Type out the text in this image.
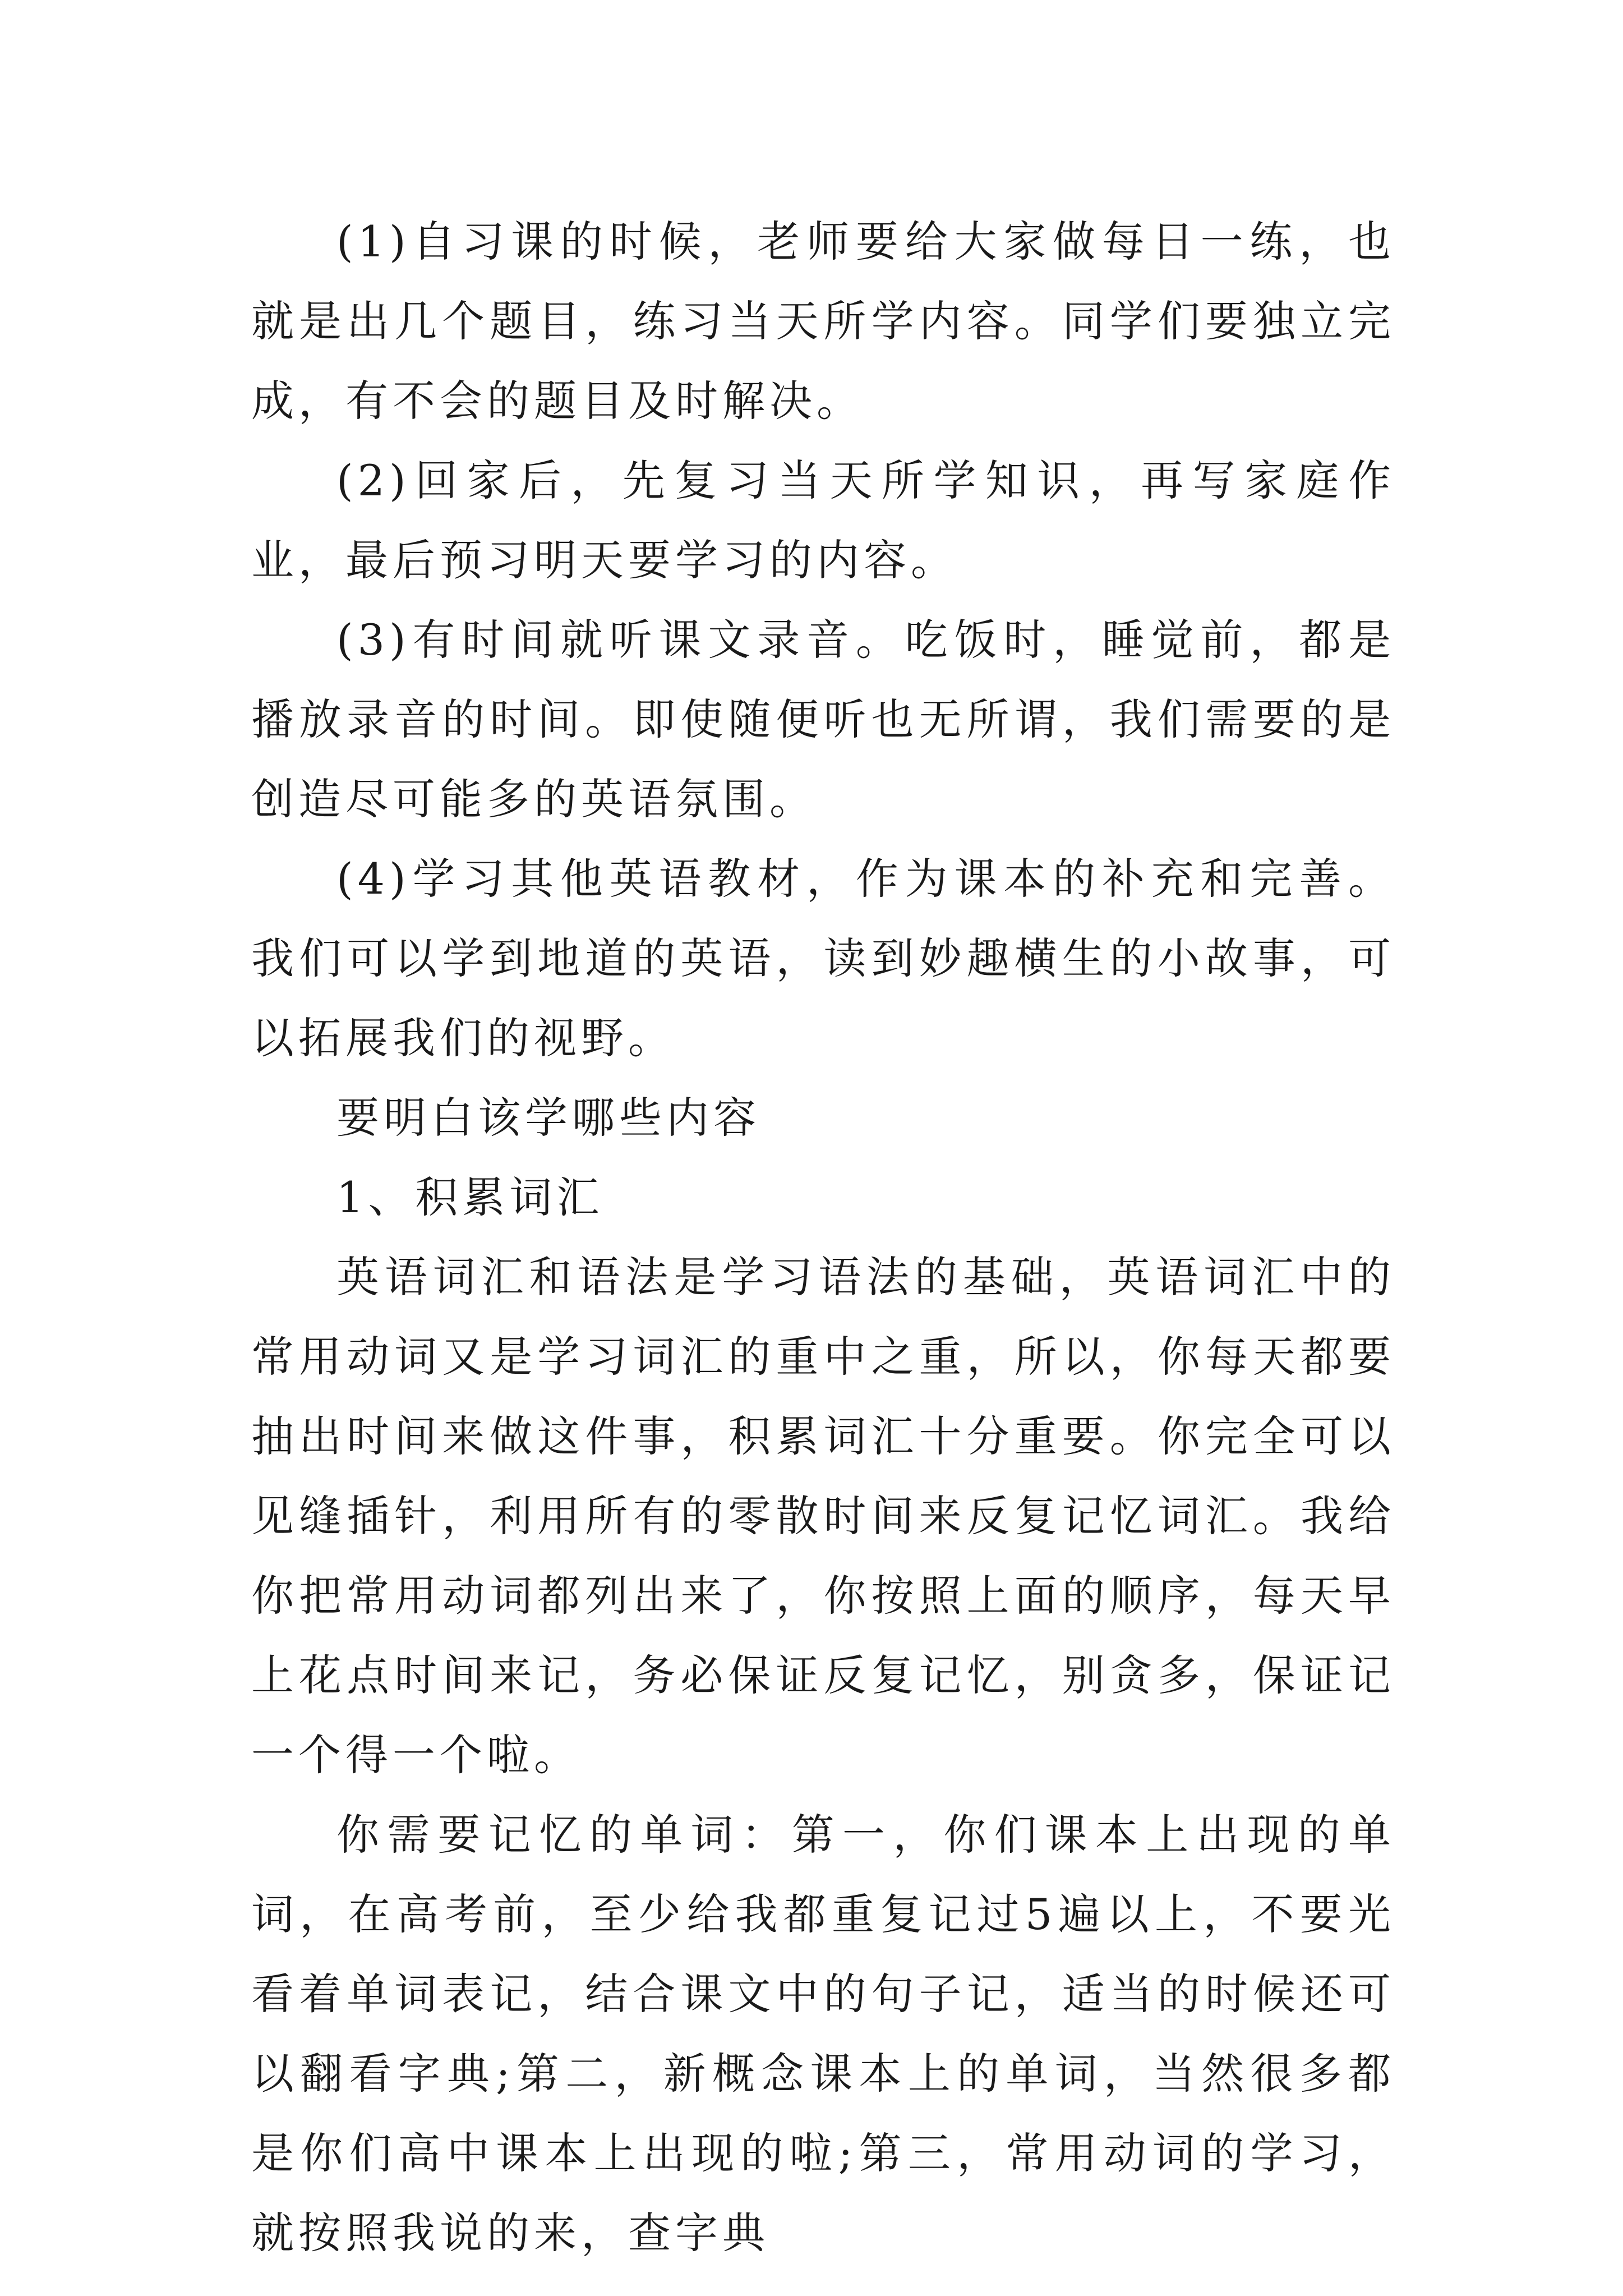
(1)自习课的时候，老师要给大家做每日一练，也就是出几个题目，练习当天所学内容。同学们要独立完成，有不会的题目及时解决。

(2)回家后，先复习当天所学知识，再写家庭作业，最后预习明天要学习的内容。

(3)有时间就听课文录音。吃饭时，睡觉前，都是播放录音的时间。即使随便听也无所谓，我们需要的是创造尽可能多的英语氛围。

(4)学习其他英语教材，作为课本的补充和完善。我们可以学到地道的英语，读到妙趣横生的小故事，可以拓展我们的视野。

要明白该学哪些内容

1、积累词汇

英语词汇和语法是学习语法的基础，英语词汇中的常用动词又是学习词汇的重中之重，所以，你每天都要抽出时间来做这件事，积累词汇十分重要。你完全可以见缝插针，利用所有的零散时间来反复记忆词汇。我给你把常用动词都列出来了，你按照上面的顺序，每天早上花点时间来记，务必保证反复记忆，别贪多，保证记一个得一个啦。

你需要记忆的单词：第一，你们课本上出现的单词，在高考前，至少给我都重复记过5遍以上，不要光看着单词表记，结合课文中的句子记，适当的时候还可以翻看字典;第二，新概念课本上的单词，当然很多都是你们高中课本上出现的啦;第三，常用动词的学习，就按照我说的来，查字典
